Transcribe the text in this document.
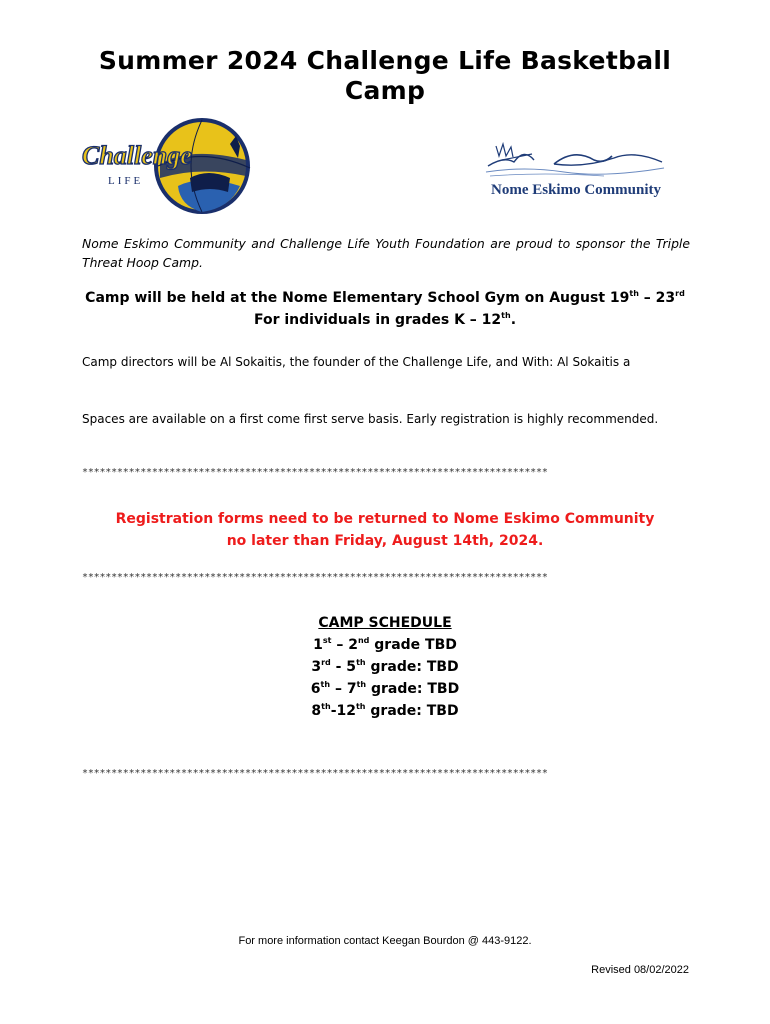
Summer 2024 Challenge Life Basketball Camp
Challenge
LIFE
Nome Eskimo Community
Nome Eskimo Community and Challenge Life Youth Foundation are proud to sponsor the Triple Threat Hoop Camp.
Camp will be held at the Nome Elementary School Gym on August 19th – 23rd
For individuals in grades K – 12th.
Camp directors will be Al Sokaitis, the founder of the Challenge Life, and With: Al Sokaitis a
Spaces are available on a first come first serve basis. Early registration is highly recommended.
********************************************************************************
Registration forms need to be returned to Nome Eskimo Community
no later than Friday, August 14th, 2024.
********************************************************************************
CAMP SCHEDULE
1st – 2nd grade TBD
3rd - 5th grade: TBD
6th – 7th grade: TBD
8th-12th grade: TBD
********************************************************************************
For more information contact Keegan Bourdon @ 443-9122.
Revised 08/02/2022
